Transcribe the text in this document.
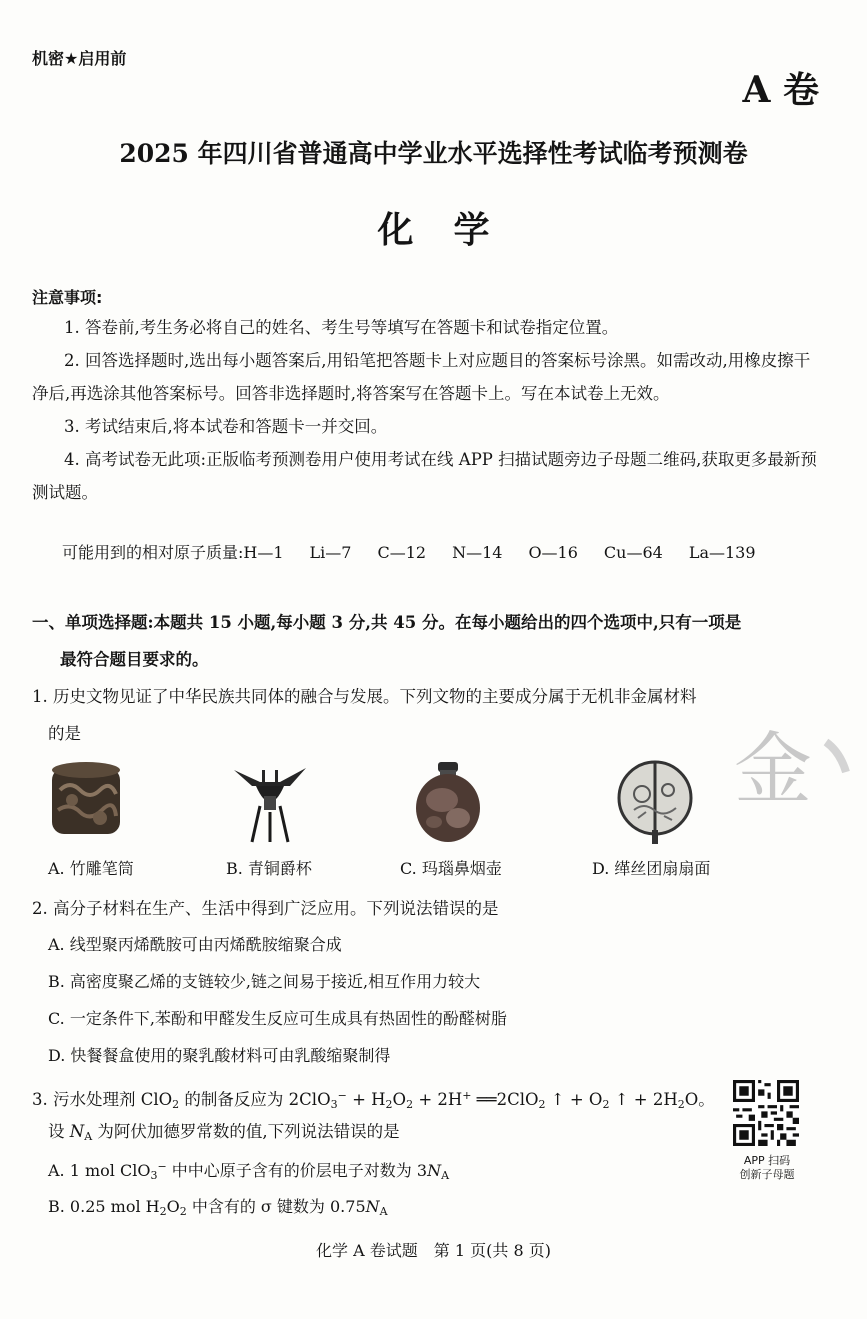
机密★启用前
A 卷
2025 年四川省普通高中学业水平选择性考试临考预测卷
化学
注意事项:

1. 答卷前,考生务必将自己的姓名、考生号等填写在答题卡和试卷指定位置。

2. 回答选择题时,选出每小题答案后,用铅笔把答题卡上对应题目的答案标号涂黑。如需改动,用橡皮擦干净后,再选涂其他答案标号。回答非选择题时,将答案写在答题卡上。写在本试卷上无效。

3. 考试结束后,将本试卷和答题卡一并交回。

4. 高考试卷无此项:正版临考预测卷用户使用考试在线 APP 扫描试题旁边子母题二维码,获取更多最新预测试题。

可能用到的相对原子质量:H—1 Li—7 C—12 N—14 O—16 Cu—64 La—139
一、单项选择题:本题共 15 小题,每小题 3 分,共 45 分。在每小题给出的四个选项中,只有一项是
最符合题目要求的。
1. 历史文物见证了中华民族共同体的融合与发展。下列文物的主要成分属于无机非金属材料
的是	金
A. 竹雕笔筒	B. 青铜爵杯	C. 玛瑙鼻烟壶	D. 缂丝团扇扇面
2. 高分子材料在生产、生活中得到广泛应用。下列说法错误的是
A. 线型聚丙烯酰胺可由丙烯酰胺缩聚合成
B. 高密度聚乙烯的支链较少,链之间易于接近,相互作用力较大
C. 一定条件下,苯酚和甲醛发生反应可生成具有热固性的酚醛树脂
D. 快餐餐盒使用的聚乳酸材料可由乳酸缩聚制得
3. 污水处理剂 ClO$_2$ 的制备反应为 $2ClO_3^- + H_2O_2 + 2H^+$ ══2ClO$_2$ ↑ + $O_2$ ↑ + $2H_2O$。
设 $N_A$ 为阿伏加德罗常数的值,下列说法错误的是
A. 1 mol ClO$_3$− 中中心原子含有的价层电子对数为 $3N_A$
B. 0.25 mol $H_2O_2$ 中含有的 σ 键数为 $0.75N_A$
APP 扫码
创新子母题
化学 A 卷试题　第 1 页(共 8 页)
